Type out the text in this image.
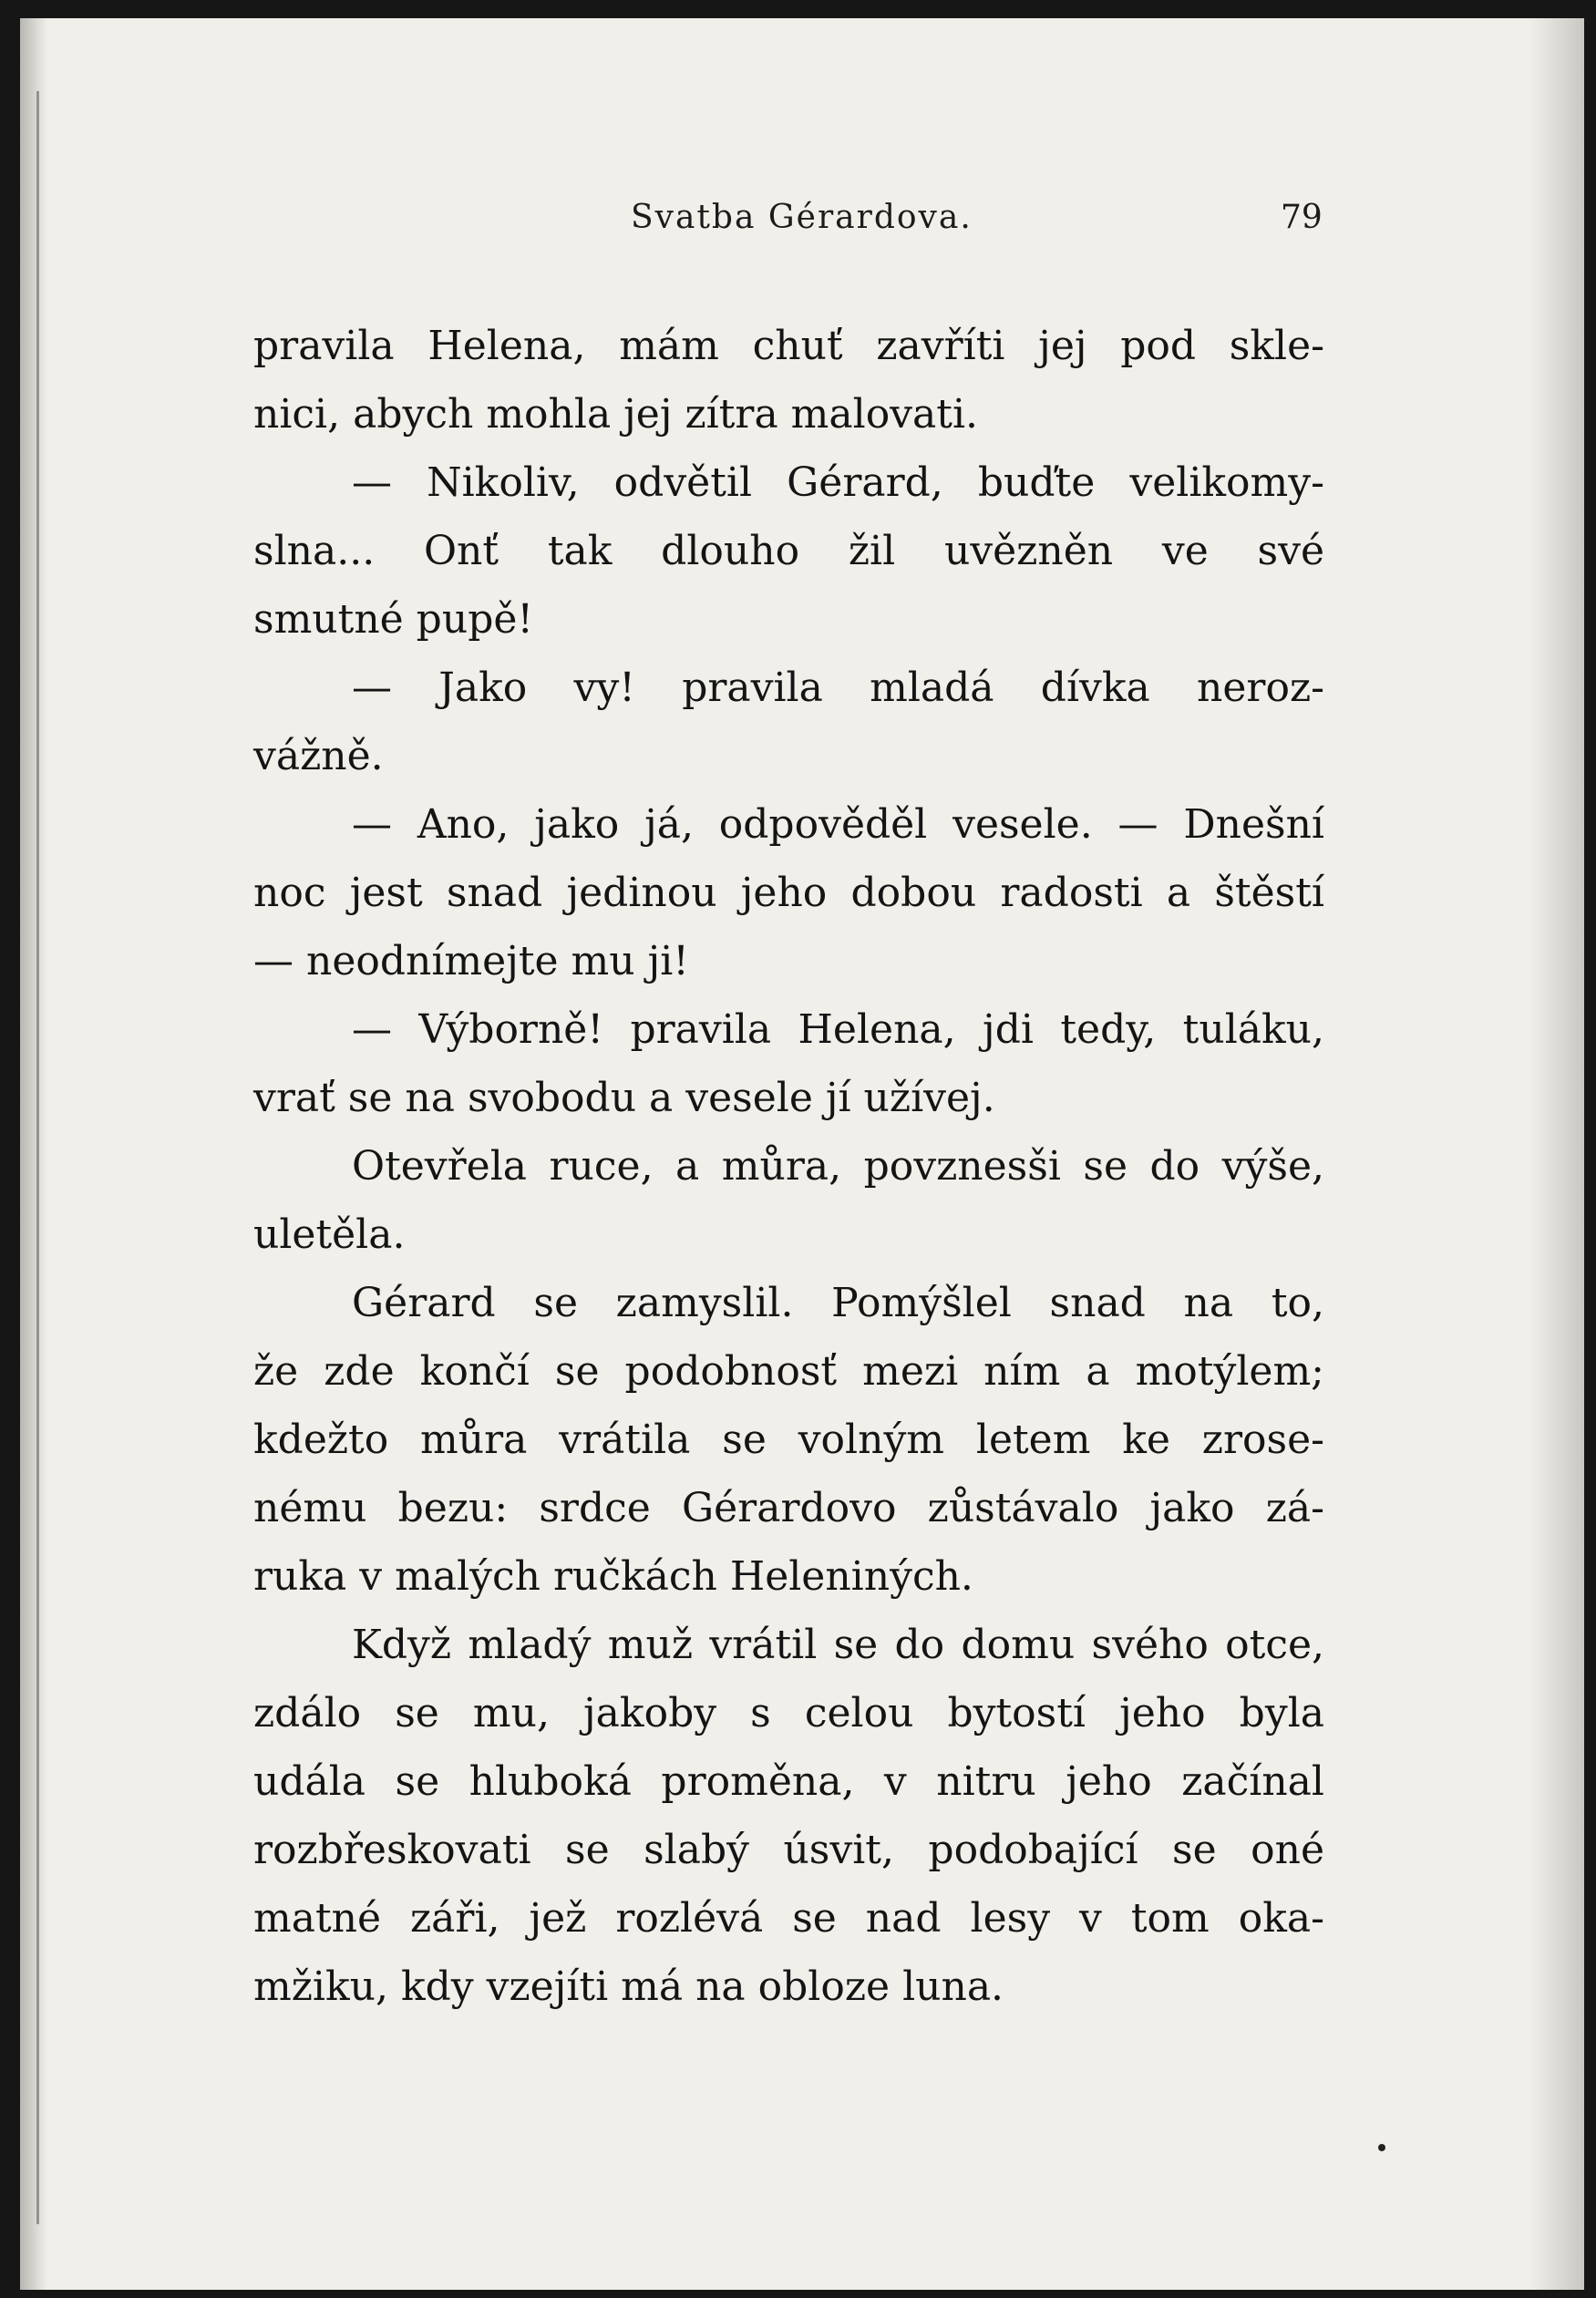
Svatba Gérardova.	79
pravila Helena, mám chuť zavříti jej pod skle-
nici, abych mohla jej zítra malovati.
— Nikoliv, odvětil Gérard, buďte velikomy-
slna... Onť tak dlouho žil uvězněn ve své
smutné pupě!
— Jako vy! pravila mladá dívka neroz-
vážně.
— Ano, jako já, odpověděl vesele. — Dnešní
noc jest snad jedinou jeho dobou radosti a štěstí
— neodnímejte mu ji!
— Výborně! pravila Helena, jdi tedy, tuláku,
vrať se na svobodu a vesele jí užívej.
Otevřela ruce, a můra, povznesši se do výše,
uletěla.
Gérard se zamyslil. Pomýšlel snad na to,
že zde končí se podobnosť mezi ním a motýlem;
kdežto můra vrátila se volným letem ke zrose-
nému bezu: srdce Gérardovo zůstávalo jako zá-
ruka v malých ručkách Heleniných.
Když mladý muž vrátil se do domu svého otce,
zdálo se mu, jakoby s celou bytostí jeho byla
udála se hluboká proměna, v nitru jeho začínal
rozbřeskovati se slabý úsvit, podobající se oné
matné záři, jež rozlévá se nad lesy v tom oka-
mžiku, kdy vzejíti má na obloze luna.
